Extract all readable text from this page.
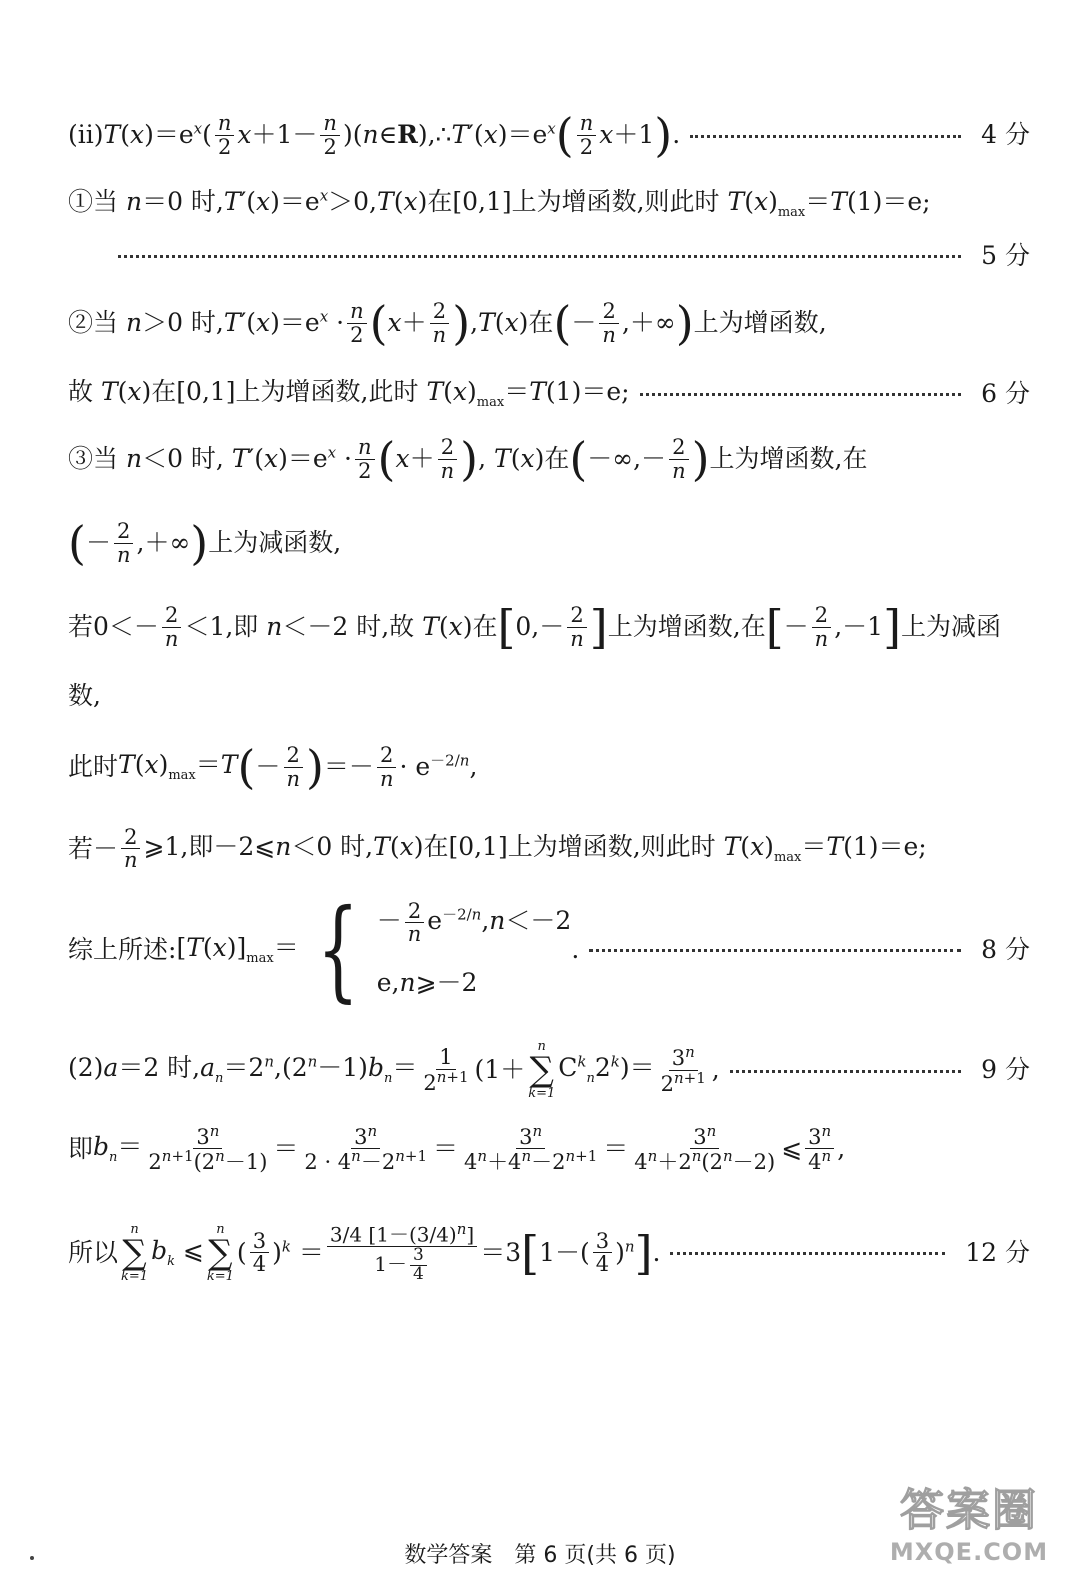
$(ii)T(x)=e^x( \frac{n}{2} x+1- \frac{n}{2}$ )$(n\in R),\therefore T'(x)=e^x$ ( $\frac{n}{2} x+1$ ) .	4 分
①当 n＝0 时$,T'(x)=e^x>0,T(x)$在[0,1]上为增函数,则此时 $T(x)_{max}=T(1)=e$;
5 分
②当 n＞0 时$,T'(x)=e^x \cdot \frac{n}{2}$ ( $x + \frac{2}{n}$ ) ,T(x)在 ( － $\frac{2}{n}$ ,＋∞ ) 上为增函数 ,
故 T(x)在[0,1]上为增函数,此时 $T(x)_{max}=T(1)=e$;	6 分
③当 n＜0 时, $T'(x)=e^x \cdot \frac{n}{2}$ ( $x + \frac{2}{n}$ ) , T(x)在 ( －∞,－ $\frac{2}{n}$ ) 上为增函数,在
( － $\frac{2}{n}$ ,＋∞ ) 上为减函数 ,
若 $0<- \frac{2}{n} <1$,即 n＜－2 时,故 T(x)在 [ $0,- \frac{2}{n}$ ] 上为增函数,在 [ － $\frac{2}{n} ,-1$ ] 上为减函
数,
此时 $T(x)_{max}=T$ ( － $\frac{2}{n}$ ) ＝－ $\frac{2}{n} \cdot e^{-2/n}$,
若－ $\frac{2}{n}$ ⩾1,即－2⩽n＜0 时,T(x)在[0,1]上为增函数,则此时 $T(x)_{max}=T(1)=e$;
综上所述: $[T(x)]_{max}=$ { － $\frac{2}{n} e^{-2/n},n<-2$
e,n⩾－2
.	8 分
(2)a＝2 时$,a_n=2^n,(2^n-1)b_n= \frac{1}{2^{n+1}} (1+$
n
∑
k=1
$C^k_n2^k)= \frac{3^n}{2^{n+1}}$ ,	9 分
即 $b_n= \frac{3^n}{2^{n+1}(2^n-1)} = \frac{3^n}{2 \cdot 4^n-2^{n+1}} = \frac{3^n}{4^n+4^n-2^{n+1}} = \frac{3^n}{4^n+2^n(2^n-2)}$ ⩽ $\frac{3^n}{4^n}$ ,
所以
n
∑
k=1
$b_k$ ⩽
n
∑
k=1
( $\frac{3}{4} )^k = \frac{3/4 [1-(3/4)^n]}{1- \frac{3}{4}} =3$ [ $1-( \frac{3}{4} )^n$ ] .	12 分
答案圈
MXQE.COM
数学答案　第 6 页(共 6 页)
